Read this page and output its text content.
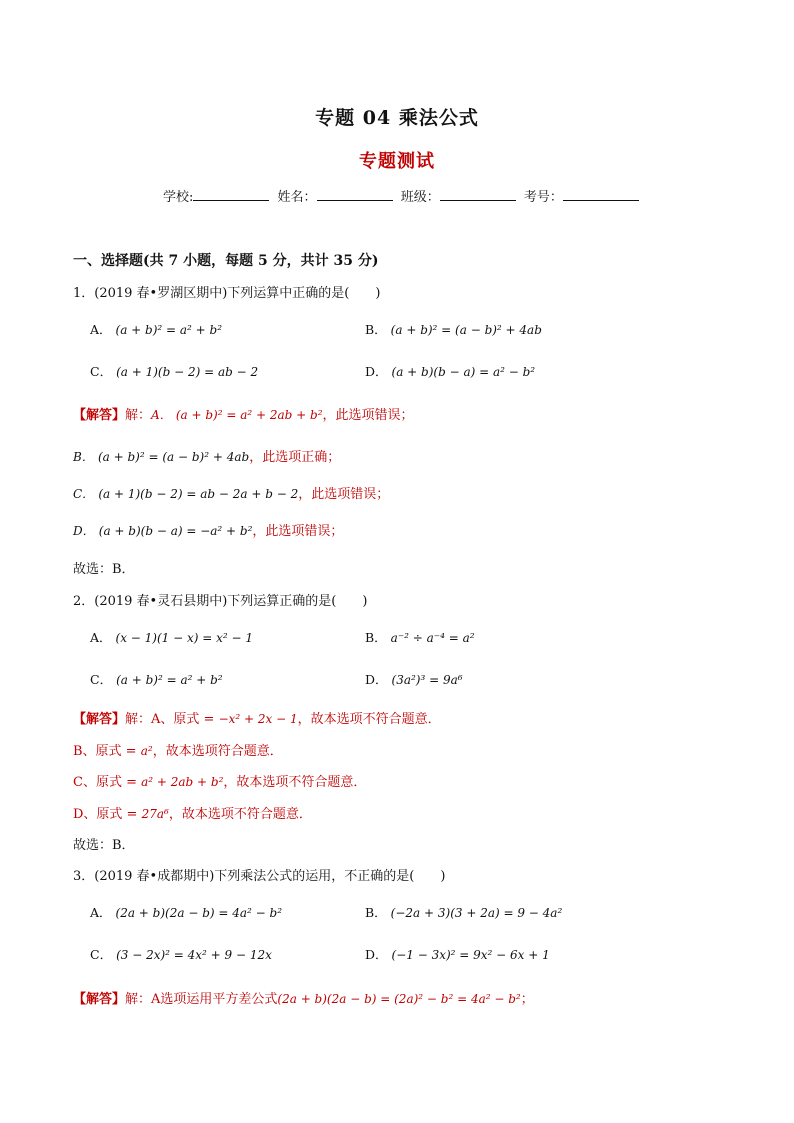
专题 04 乘法公式
专题测试
学校:	姓名：	班级：	考号：
一、选择题(共 7 小题，每题 5 分，共计 35 分)
1．(2019 春•罗湖区期中)下列运算中正确的是(　　)
A． (a + b)² = a² + b²	B． (a + b)² = (a − b)² + 4ab
C． (a + 1)(b − 2) = ab − 2	D． (a + b)(b − a) = a² − b²
【解答】解：A． (a + b)² = a² + 2ab + b²，此选项错误；
B． (a + b)² = (a − b)² + 4ab，此选项正确；
C． (a + 1)(b − 2) = ab − 2a + b − 2，此选项错误；
D． (a + b)(b − a) = −a² + b²，此选项错误；
故选：B．
2．(2019 春•灵石县期中)下列运算正确的是(　　)
A． (x − 1)(1 − x) = x² − 1	B． a⁻² ÷ a⁻⁴ = a²
C． (a + b)² = a² + b²	D． (3a²)³ = 9a⁶
【解答】解：A、原式 = −x² + 2x − 1，故本选项不符合题意．
B、原式 = a²，故本选项符合题意．
C、原式 = a² + 2ab + b²，故本选项不符合题意．
D、原式 = 27a⁶，故本选项不符合题意．
故选：B．
3．(2019 春•成都期中)下列乘法公式的运用，不正确的是(　　)
A． (2a + b)(2a − b) = 4a² − b²	B． (−2a + 3)(3 + 2a) = 9 − 4a²
C． (3 − 2x)² = 4x² + 9 − 12x	D． (−1 − 3x)² = 9x² − 6x + 1
【解答】解：A选项运用平方差公式(2a + b)(2a − b) = (2a)² − b² = 4a² − b²；
